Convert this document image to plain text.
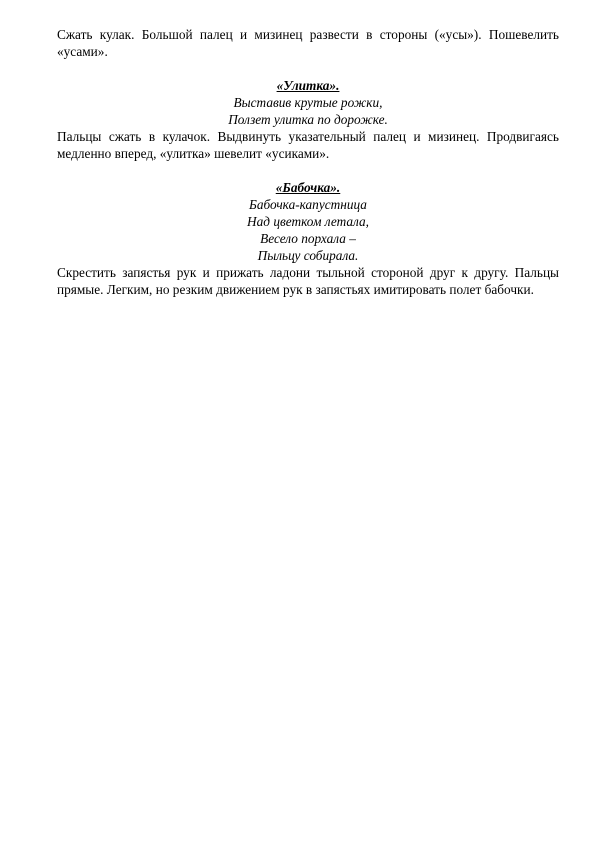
Сжать кулак. Большой палец и мизинец развести в стороны («усы»). Пошевелить «усами».

«Улитка».

Выставив крутые рожки,

Ползет улитка по дорожке.

Пальцы сжать в кулачок. Выдвинуть указательный палец и мизинец. Продвигаясь медленно вперед, «улитка» шевелит «усиками».

«Бабочка».

Бабочка-капустница

Над цветком летала,

Весело порхала –

Пыльцу собирала.

Скрестить запястья рук и прижать ладони тыльной стороной друг к другу. Пальцы прямые. Легким, но резким движением рук в запястьях имитировать полет бабочки.
